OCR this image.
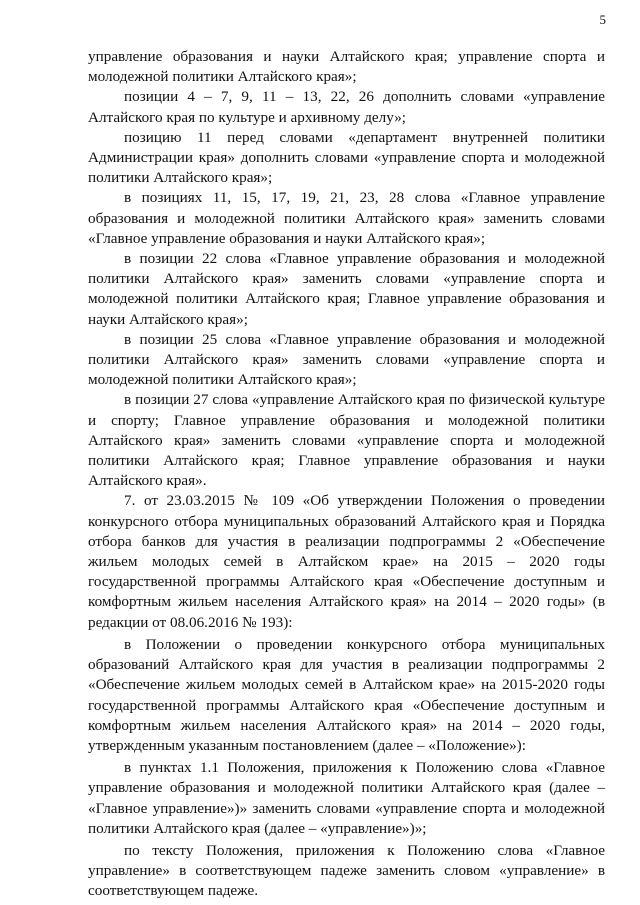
5

управление образования и науки Алтайского края; управление спорта и молодежной политики Алтайского края»;

позиции 4 – 7, 9, 11 – 13, 22, 26 дополнить словами «управление Алтайского края по культуре и архивному делу»;

позицию 11 перед словами «департамент внутренней политики Администрации края» дополнить словами «управление спорта и молодежной политики Алтайского края»;

в позициях 11, 15, 17, 19, 21, 23, 28 слова «Главное управление образования и молодежной политики Алтайского края» заменить словами «Главное управление образования и науки Алтайского края»;

в позиции 22 слова «Главное управление образования и молодежной политики Алтайского края» заменить словами «управление спорта и молодежной политики Алтайского края; Главное управление образования и науки Алтайского края»;

в позиции 25 слова «Главное управление образования и молодежной политики Алтайского края» заменить словами «управление спорта и молодежной политики Алтайского края»;

в позиции 27 слова «управление Алтайского края по физической культуре и спорту; Главное управление образования и молодежной политики Алтайского края» заменить словами «управление спорта и молодежной политики Алтайского края; Главное управление образования и науки Алтайского края».

7. от 23.03.2015 № 109 «Об утверждении Положения о проведении конкурсного отбора муниципальных образований Алтайского края и Порядка отбора банков для участия в реализации подпрограммы 2 «Обеспечение жильем молодых семей в Алтайском крае» на 2015 – 2020 годы государственной программы Алтайского края «Обеспечение доступным и комфортным жильем населения Алтайского края» на 2014 – 2020 годы» (в редакции от 08.06.2016 № 193):

в Положении о проведении конкурсного отбора муниципальных образований Алтайского края для участия в реализации подпрограммы 2 «Обеспечение жильем молодых семей в Алтайском крае» на 2015-2020 годы государственной программы Алтайского края «Обеспечение доступным и комфортным жильем населения Алтайского края» на 2014 – 2020 годы, утвержденным указанным постановлением (далее – «Положение»):

в пунктах 1.1 Положения, приложения к Положению слова «Главное управление образования и молодежной политики Алтайского края (далее – «Главное управление»)» заменить словами «управление спорта и молодежной политики Алтайского края (далее – «управление»)»;

по тексту Положения, приложения к Положению слова «Главное управление» в соответствующем падеже заменить словом «управление» в соответствующем падеже.
